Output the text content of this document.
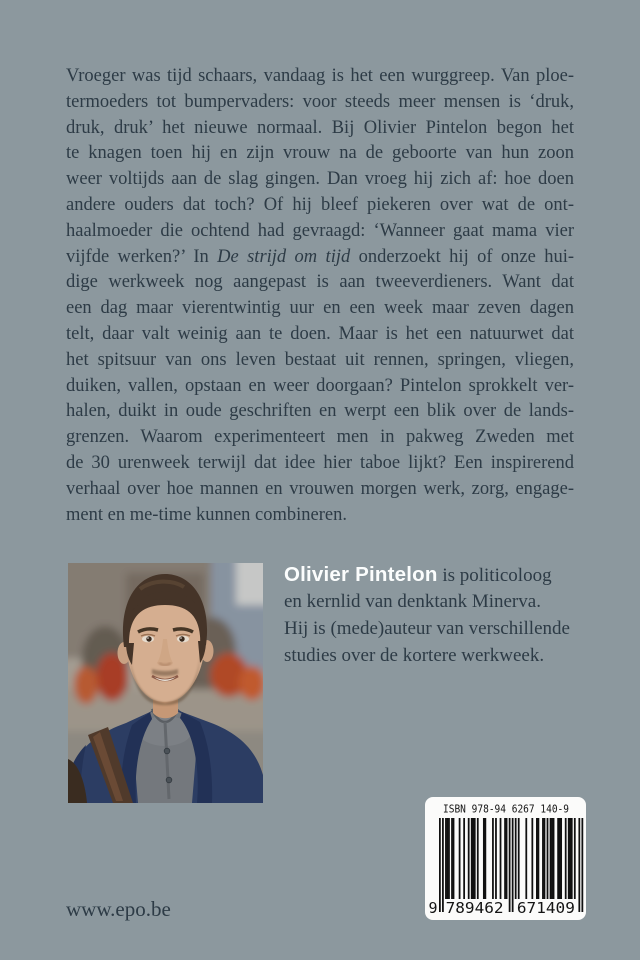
Vroeger was tijd schaars, vandaag is het een wurggreep. Van ploe-
termoeders tot bumpervaders: voor steeds meer mensen is ‘druk,
druk, druk’ het nieuwe normaal. Bij Olivier Pintelon begon het
te knagen toen hij en zijn vrouw na de geboorte van hun zoon
weer voltijds aan de slag gingen. Dan vroeg hij zich af: hoe doen
andere ouders dat toch? Of hij bleef piekeren over wat de ont-
haalmoeder die ochtend had gevraagd: ‘Wanneer gaat mama vier
vijfde werken?’ In De strijd om tijd onderzoekt hij of onze hui-
dige werkweek nog aangepast is aan tweeverdieners. Want dat
een dag maar vierentwintig uur en een week maar zeven dagen
telt, daar valt weinig aan te doen. Maar is het een natuurwet dat
het spitsuur van ons leven bestaat uit rennen, springen, vliegen,
duiken, vallen, opstaan en weer doorgaan? Pintelon sprokkelt ver-
halen, duikt in oude geschriften en werpt een blik over de lands-
grenzen. Waarom experimenteert men in pakweg Zweden met
de 30 urenweek terwijl dat idee hier taboe lijkt? Een inspirerend
verhaal over hoe mannen en vrouwen morgen werk, zorg, engage-
ment en me-time kunnen combineren.
Olivier Pintelon is politicoloog
en kernlid van denktank Minerva.
Hij is (mede)auteur van verschillende
studies over de kortere werkweek.
www.epo.be
ISBN 978-94 6267 140-9
9 789462 671409
